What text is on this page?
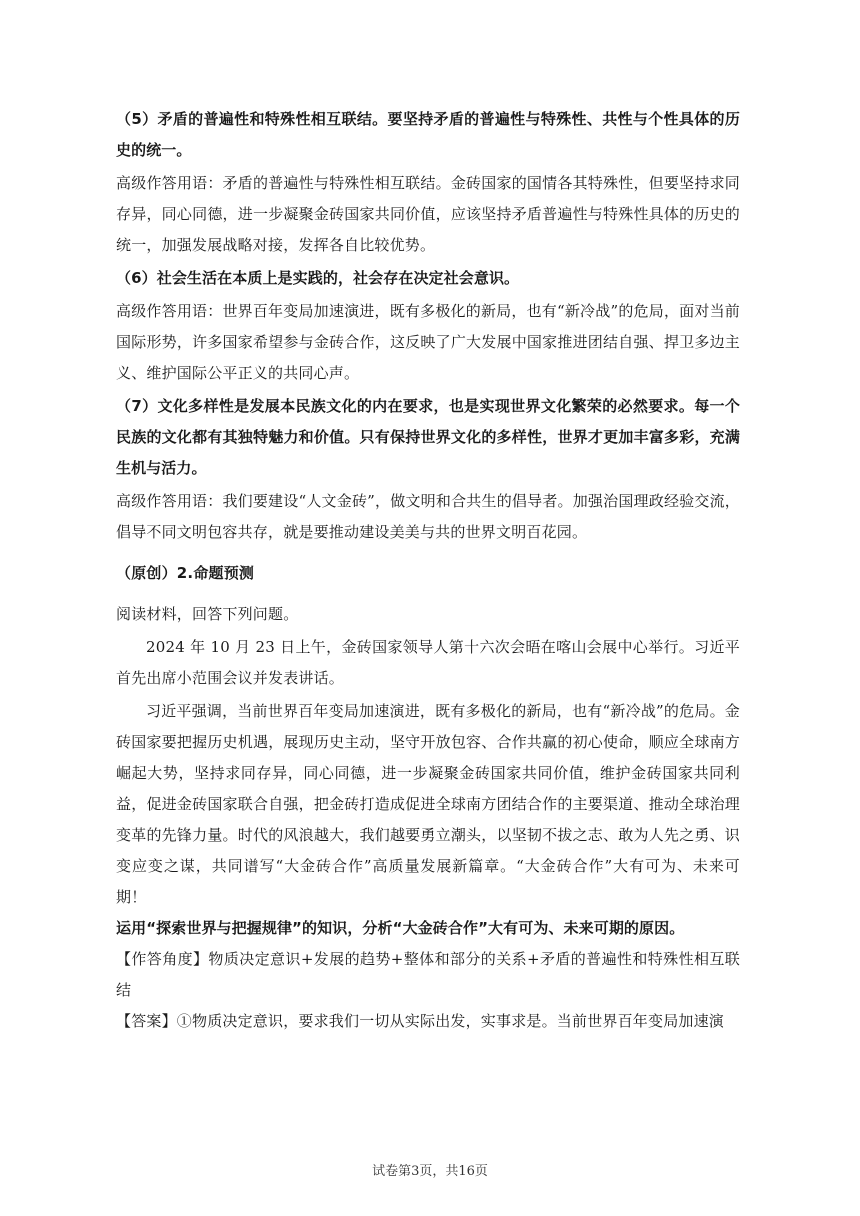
（5）矛盾的普遍性和特殊性相互联结。要坚持矛盾的普遍性与特殊性、共性与个性具体的历史的统一。

高级作答用语：矛盾的普遍性与特殊性相互联结。金砖国家的国情各其特殊性，但要坚持求同存异，同心同德，进一步凝聚金砖国家共同价值，应该坚持矛盾普遍性与特殊性具体的历史的统一，加强发展战略对接，发挥各自比较优势。

（6）社会生活在本质上是实践的，社会存在决定社会意识。

高级作答用语：世界百年变局加速演进，既有多极化的新局，也有“新冷战”的危局，面对当前国际形势，许多国家希望参与金砖合作，这反映了广大发展中国家推进团结自强、捍卫多边主义、维护国际公平正义的共同心声。

（7）文化多样性是发展本民族文化的内在要求，也是实现世界文化繁荣的必然要求。每一个民族的文化都有其独特魅力和价值。只有保持世界文化的多样性，世界才更加丰富多彩，充满生机与活力。

高级作答用语：我们要建设“人文金砖”，做文明和合共生的倡导者。加强治国理政经验交流，倡导不同文明包容共存，就是要推动建设美美与共的世界文明百花园。

（原创）2.命题预测

阅读材料，回答下列问题。

2024 年 10 月 23 日上午，金砖国家领导人第十六次会晤在喀山会展中心举行。习近平首先出席小范围会议并发表讲话。

习近平强调，当前世界百年变局加速演进，既有多极化的新局，也有“新冷战”的危局。金砖国家要把握历史机遇，展现历史主动，坚守开放包容、合作共赢的初心使命，顺应全球南方崛起大势，坚持求同存异，同心同德，进一步凝聚金砖国家共同价值，维护金砖国家共同利益，促进金砖国家联合自强，把金砖打造成促进全球南方团结合作的主要渠道、推动全球治理变革的先锋力量。时代的风浪越大，我们越要勇立潮头，以坚韧不拔之志、敢为人先之勇、识变应变之谋，共同谱写“大金砖合作”高质量发展新篇章。“大金砖合作”大有可为、未来可期！

运用“探索世界与把握规律”的知识，分析“大金砖合作”大有可为、未来可期的原因。

【作答角度】物质决定意识+发展的趋势+整体和部分的关系+矛盾的普遍性和特殊性相互联结

【答案】①物质决定意识，要求我们一切从实际出发，实事求是。当前世界百年变局加速演

试卷第3页，共16页
